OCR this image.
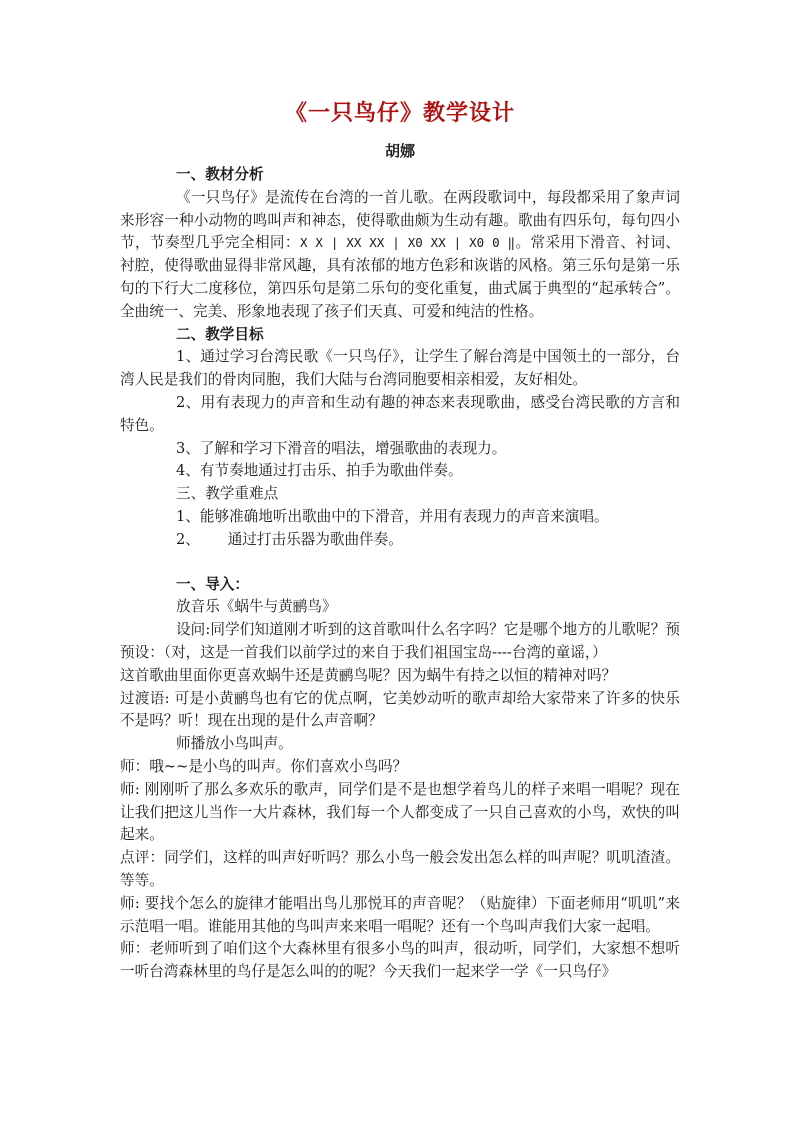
《一只鸟仔》教学设计
胡娜

一、教材分析

《一只鸟仔》是流传在台湾的一首儿歌。在两段歌词中，每段都采用了象声词来形容一种小动物的鸣叫声和神态，使得歌曲颇为生动有趣。歌曲有四乐句，每句四小节，节奏型几乎完全相同：X X | XX XX | X0 XX | X0 0 ‖。常采用下滑音、衬词、衬腔，使得歌曲显得非常风趣，具有浓郁的地方色彩和诙谐的风格。第三乐句是第一乐句的下行大二度移位，第四乐句是第二乐句的变化重复，曲式属于典型的“起承转合”。全曲统一、完美、形象地表现了孩子们天真、可爱和纯洁的性格。

二、教学目标

1、通过学习台湾民歌《一只鸟仔》，让学生了解台湾是中国领土的一部分，台湾人民是我们的骨肉同胞，我们大陆与台湾同胞要相亲相爱，友好相处。

2、用有表现力的声音和生动有趣的神态来表现歌曲，感受台湾民歌的方言和特色。

3、了解和学习下滑音的唱法，增强歌曲的表现力。

4、有节奏地通过打击乐、拍手为歌曲伴奏。

三、教学重难点

1、能够准确地听出歌曲中的下滑音，并用有表现力的声音来演唱。

2、      通过打击乐器为歌曲伴奏。

一、导入：

放音乐《蜗牛与黄鹂鸟》

设问:同学们知道刚才听到的这首歌叫什么名字吗？它是哪个地方的儿歌呢？预预设：（对，这是一首我们以前学过的来自于我们祖国宝岛----台湾的童谣，）

这首歌曲里面你更喜欢蜗牛还是黄鹂鸟呢？因为蜗牛有持之以恒的精神对吗？

过渡语: 可是小黄鹂鸟也有它的优点啊，它美妙动听的歌声却给大家带来了许多的快乐不是吗？听！现在出现的是什么声音啊？

师播放小鸟叫声。

师：哦~~是小鸟的叫声。你们喜欢小鸟吗？

师: 刚刚听了那么多欢乐的歌声，同学们是不是也想学着鸟儿的样子来唱一唱呢？现在让我们把这儿当作一大片森林，我们每一个人都变成了一只自己喜欢的小鸟，欢快的叫起来。

点评：同学们，这样的叫声好听吗？那么小鸟一般会发出怎么样的叫声呢？叽叽渣渣。等等。

师: 要找个怎么的旋律才能唱出鸟儿那悦耳的声音呢？（贴旋律）下面老师用“叽叽”来示范唱一唱。谁能用其他的鸟叫声来来唱一唱呢？还有一个鸟叫声我们大家一起唱。

师：老师听到了咱们这个大森林里有很多小鸟的叫声，很动听，同学们，大家想不想听一听台湾森林里的鸟仔是怎么叫的的呢？今天我们一起来学一学《一只鸟仔》
